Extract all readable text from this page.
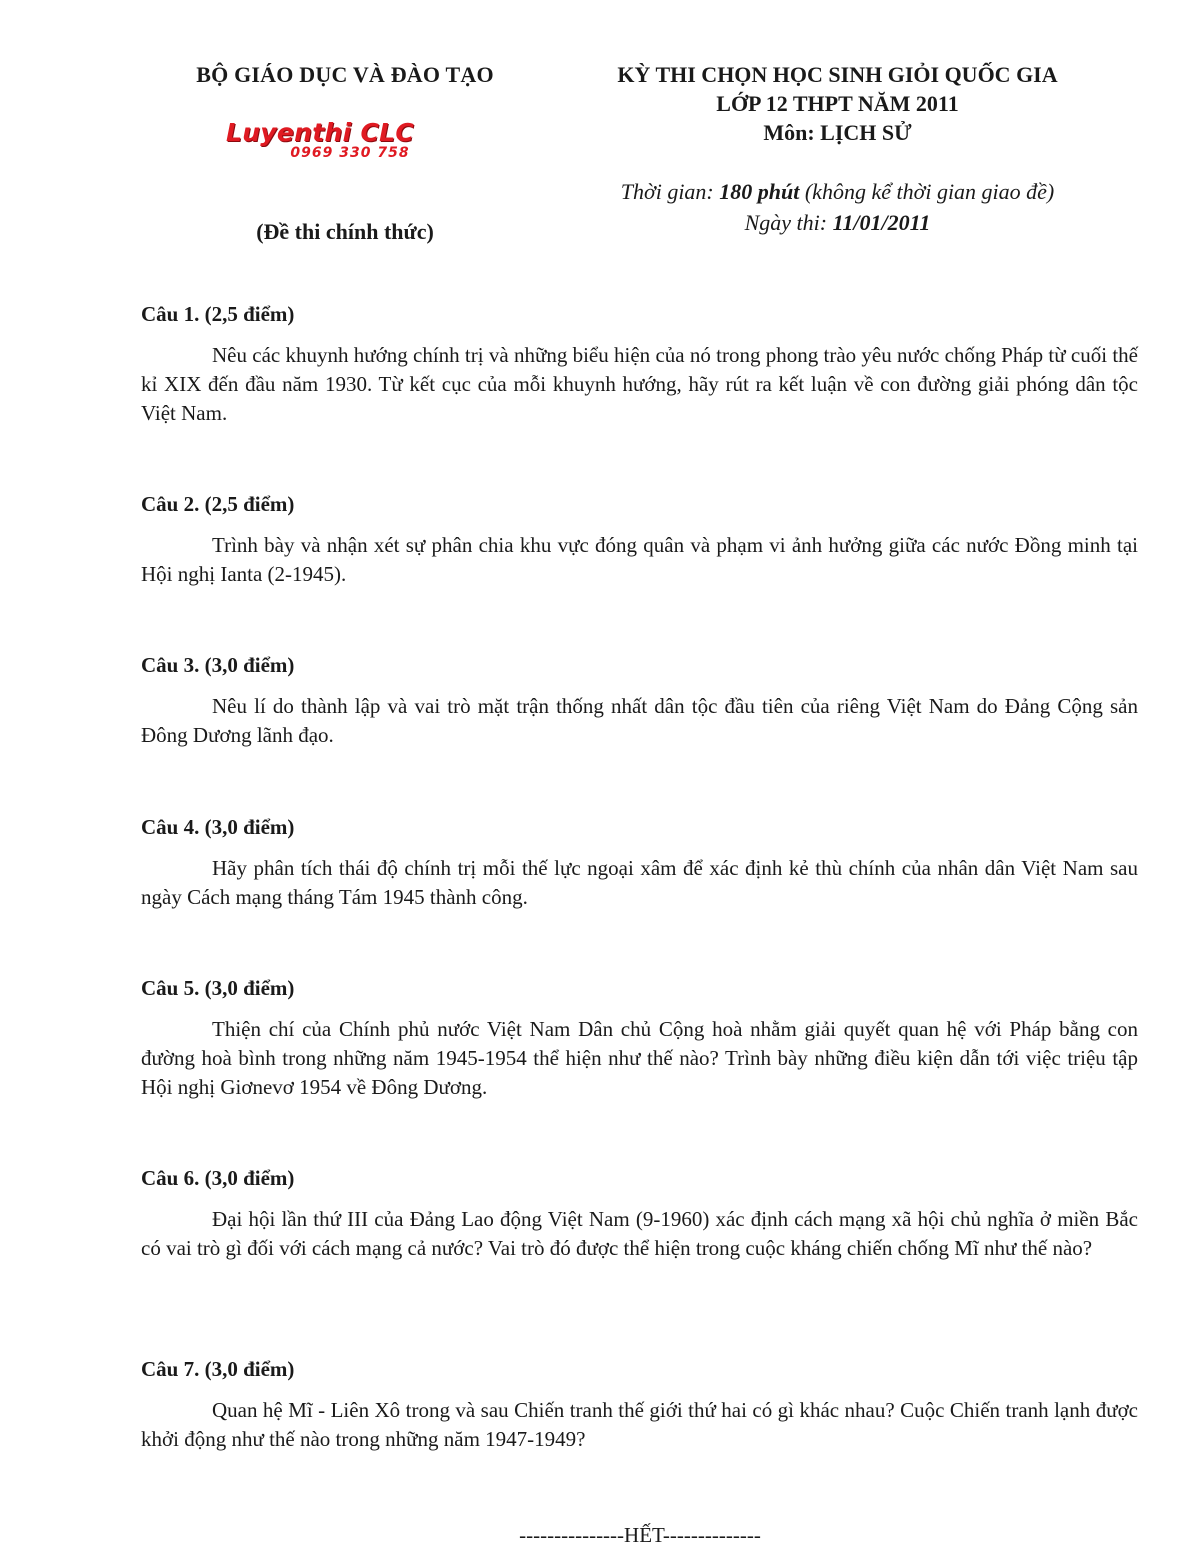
BỘ GIÁO DỤC VÀ ĐÀO TẠO
Luyenthi CLC
0969 330 758
(Đề thi chính thức)
KỲ THI CHỌN HỌC SINH GIỎI QUỐC GIA
LỚP 12 THPT NĂM 2011
Môn: LỊCH SỬ
Thời gian: 180 phút (không kể thời gian giao đề)
Ngày thi: 11/01/2011
Câu 1. (2,5 điểm)

Nêu các khuynh hướng chính trị và những biểu hiện của nó trong phong trào yêu nước chống Pháp từ cuối thế kỉ XIX đến đầu năm 1930. Từ kết cục của mỗi khuynh hướng, hãy rút ra kết luận về con đường giải phóng dân tộc Việt Nam.

Câu 2. (2,5 điểm)

Trình bày và nhận xét sự phân chia khu vực đóng quân và phạm vi ảnh hưởng giữa các nước Đồng minh tại Hội nghị Ianta (2-1945).

Câu 3. (3,0 điểm)

Nêu lí do thành lập và vai trò mặt trận thống nhất dân tộc đầu tiên của riêng Việt Nam do Đảng Cộng sản Đông Dương lãnh đạo.

Câu 4. (3,0 điểm)

Hãy phân tích thái độ chính trị mỗi thế lực ngoại xâm để xác định kẻ thù chính của nhân dân Việt Nam sau ngày Cách mạng tháng Tám 1945 thành công.

Câu 5. (3,0 điểm)

Thiện chí của Chính phủ nước Việt Nam Dân chủ Cộng hoà nhằm giải quyết quan hệ với Pháp bằng con đường hoà bình trong những năm 1945-1954 thể hiện như thế nào? Trình bày những điều kiện dẫn tới việc triệu tập Hội nghị Giơnevơ 1954 về Đông Dương.

Câu 6. (3,0 điểm)

Đại hội lần thứ III của Đảng Lao động Việt Nam (9-1960) xác định cách mạng xã hội chủ nghĩa ở miền Bắc có vai trò gì đối với cách mạng cả nước? Vai trò đó được thể hiện trong cuộc kháng chiến chống Mĩ như thế nào?

Câu 7. (3,0 điểm)

Quan hệ Mĩ - Liên Xô trong và sau Chiến tranh thế giới thứ hai có gì khác nhau? Cuộc Chiến tranh lạnh được khởi động như thế nào trong những năm 1947-1949?

---------------HẾT--------------
